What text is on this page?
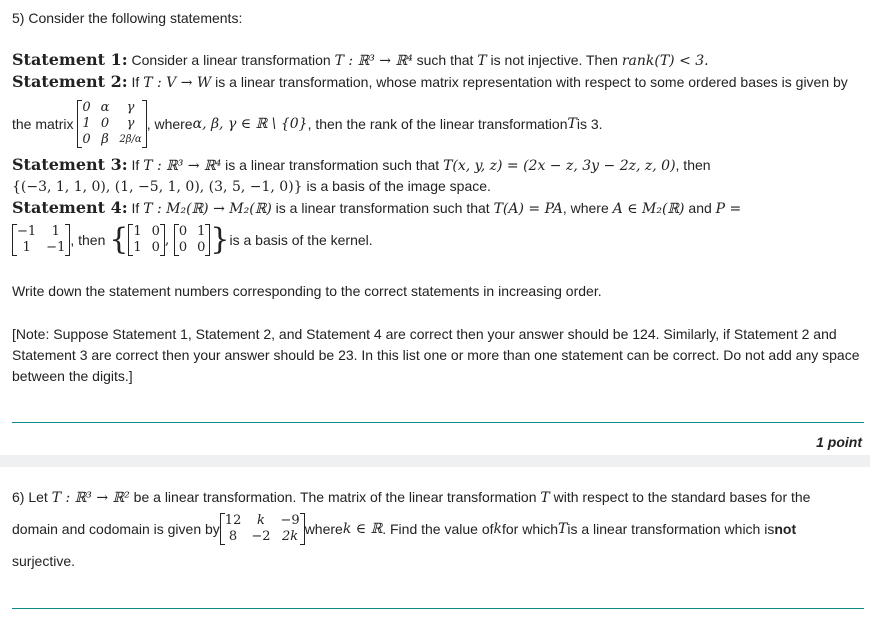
5) Consider the following statements:
Statement 1: Consider a linear transformation T : ℝ³ → ℝ⁴ such that T is not injective. Then rank(T) < 3.
Statement 2: If T : V → W is a linear transformation, whose matrix representation with respect to some ordered bases is given by
the matrix

0	α	γ
1	0	γ
0	β	2β/α
, where α, β, γ ∈ ℝ \ {0} , then the rank of the linear transformation T is 3.
Statement 3: If T : ℝ³ → ℝ⁴ is a linear transformation such that T(x, y, z) = (2x − z, 3y − 2z, z, 0), then
{(−3, 1, 1, 0), (1, −5, 1, 0), (3, 5, −1, 0)} is a basis of the image space.
Statement 4: If T : M₂(ℝ) → M₂(ℝ) is a linear transformation such that T(A) = PA, where A ∈ M₂(ℝ) and P =
−1	1
1	−1 , then
{ 1	0
1	0 ,
0	1
0	0 } is a basis of the kernel.
Write down the statement numbers corresponding to the correct statements in increasing order.
[Note: Suppose Statement 1, Statement 2, and Statement 4 are correct then your answer should be 124. Similarly, if Statement 2 and Statement 3 are correct then your answer should be 23. In this list one or more than one statement can be correct. Do not add any space between the digits.]
1 point
6) Let T : ℝ³ → ℝ² be a linear transformation. The matrix of the linear transformation T with respect to the standard bases for the
domain and codomain is given by
12	k	−9
8	−2	2k where k ∈ ℝ . Find the value of k for which T is a linear transformation which is not
surjective.
